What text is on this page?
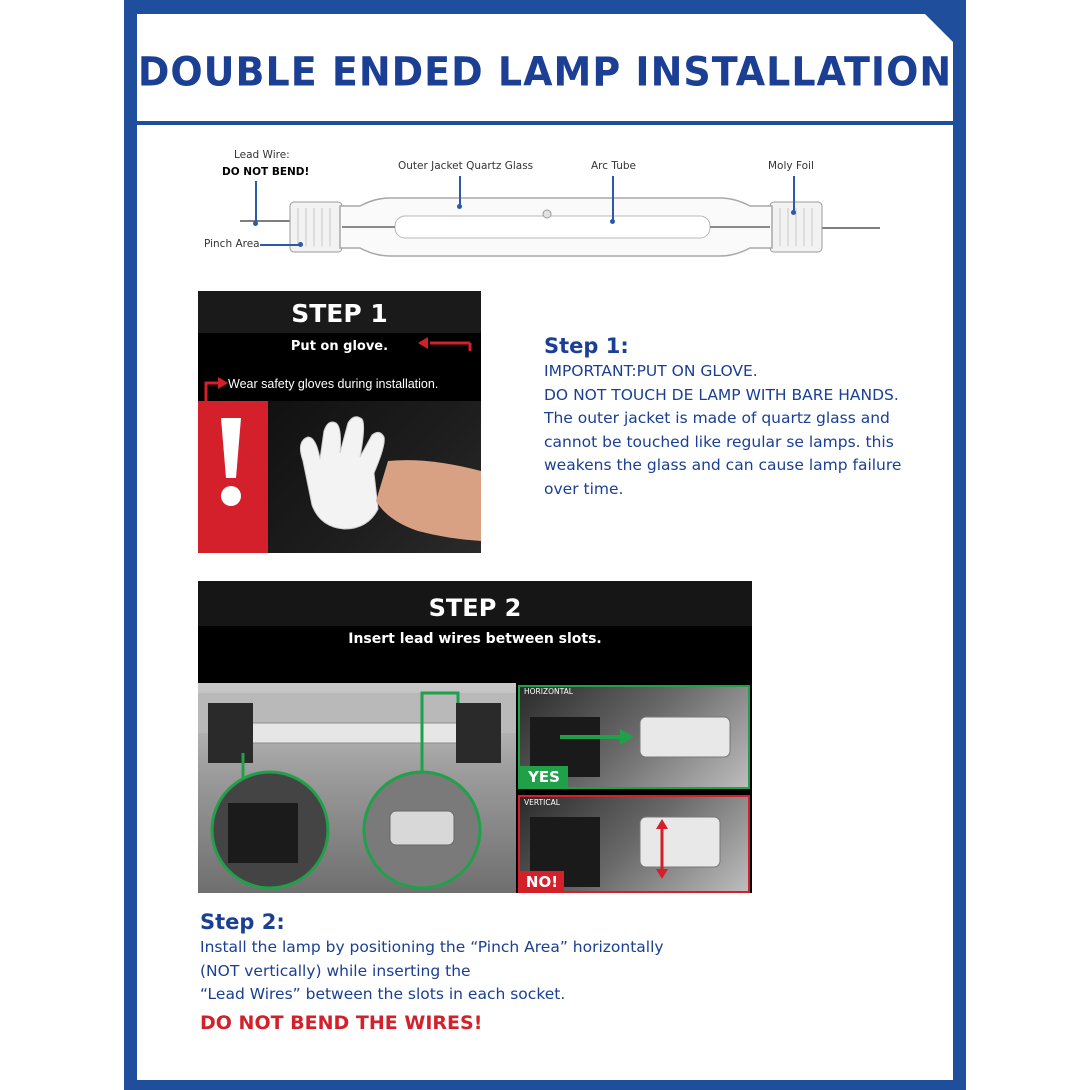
DOUBLE ENDED LAMP INSTALLATION
Lead Wire:
DO NOT BEND!	Outer Jacket Quartz Glass	Arc Tube	Moly Foil
Pinch Area
STEP 1
Put on glove.
Wear safety gloves during installation.
Step 1:
IMPORTANT:PUT ON GLOVE.
DO NOT TOUCH DE LAMP WITH BARE HANDS.
The outer jacket is made of quartz glass and
cannot be touched like regular se lamps. this
weakens the glass and can cause lamp failure
over time.
STEP 2
Insert lead wires between slots.
HORIZONTAL
VERTICAL
YES
NO!
Step 2:
Install the lamp by positioning the “Pinch Area” horizontally
(NOT vertically) while inserting the
“Lead Wires” between the slots in each socket.
DO NOT BEND THE WIRES!
